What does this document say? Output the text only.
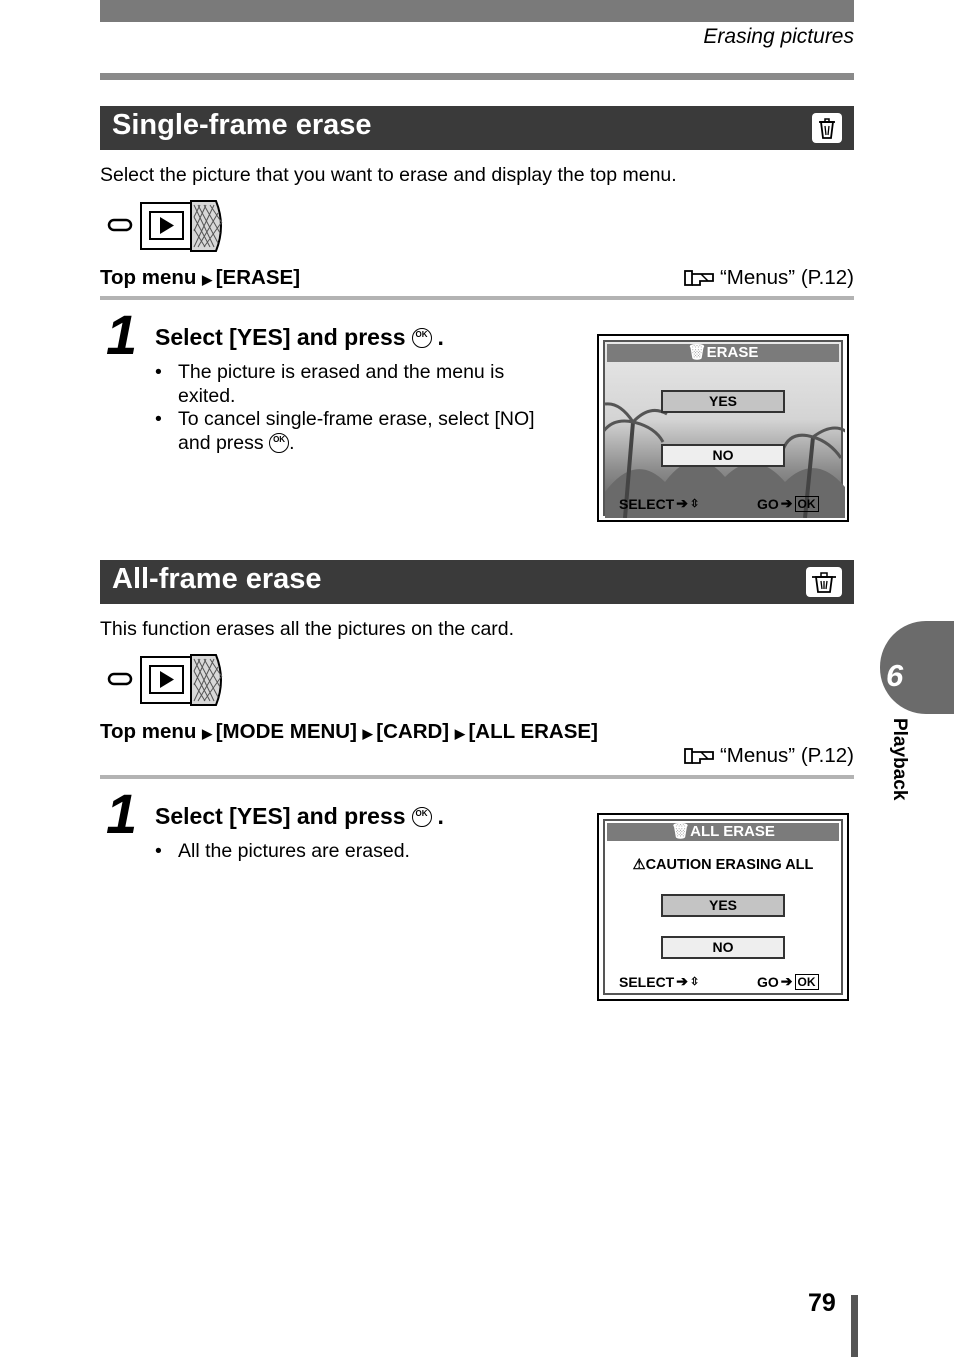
Erasing pictures
Single-frame erase
Select the picture that you want to erase and display the top menu.
Top menu ▶ [ERASE]	“Menus” (P.12)
1 Select [YES] and press	OK .
• The picture is erased and the menu is exited.
• To cancel single-frame erase, select [NO] and press OK .
🗑ERASE
YES
NO
SELECT ➔ ⇳	GO ➔ OK
All-frame erase
This function erases all the pictures on the card.
Top menu ▶ [MODE MENU] ▶ [CARD] ▶ [ALL ERASE]
“Menus” (P.12)
1 Select [YES] and press	OK .
• All the pictures are erased.
🗑ALL ERASE
⚠CAUTION ERASING ALL
YES
NO
SELECT ➔ ⇳	GO ➔ OK
6
Playback
79
